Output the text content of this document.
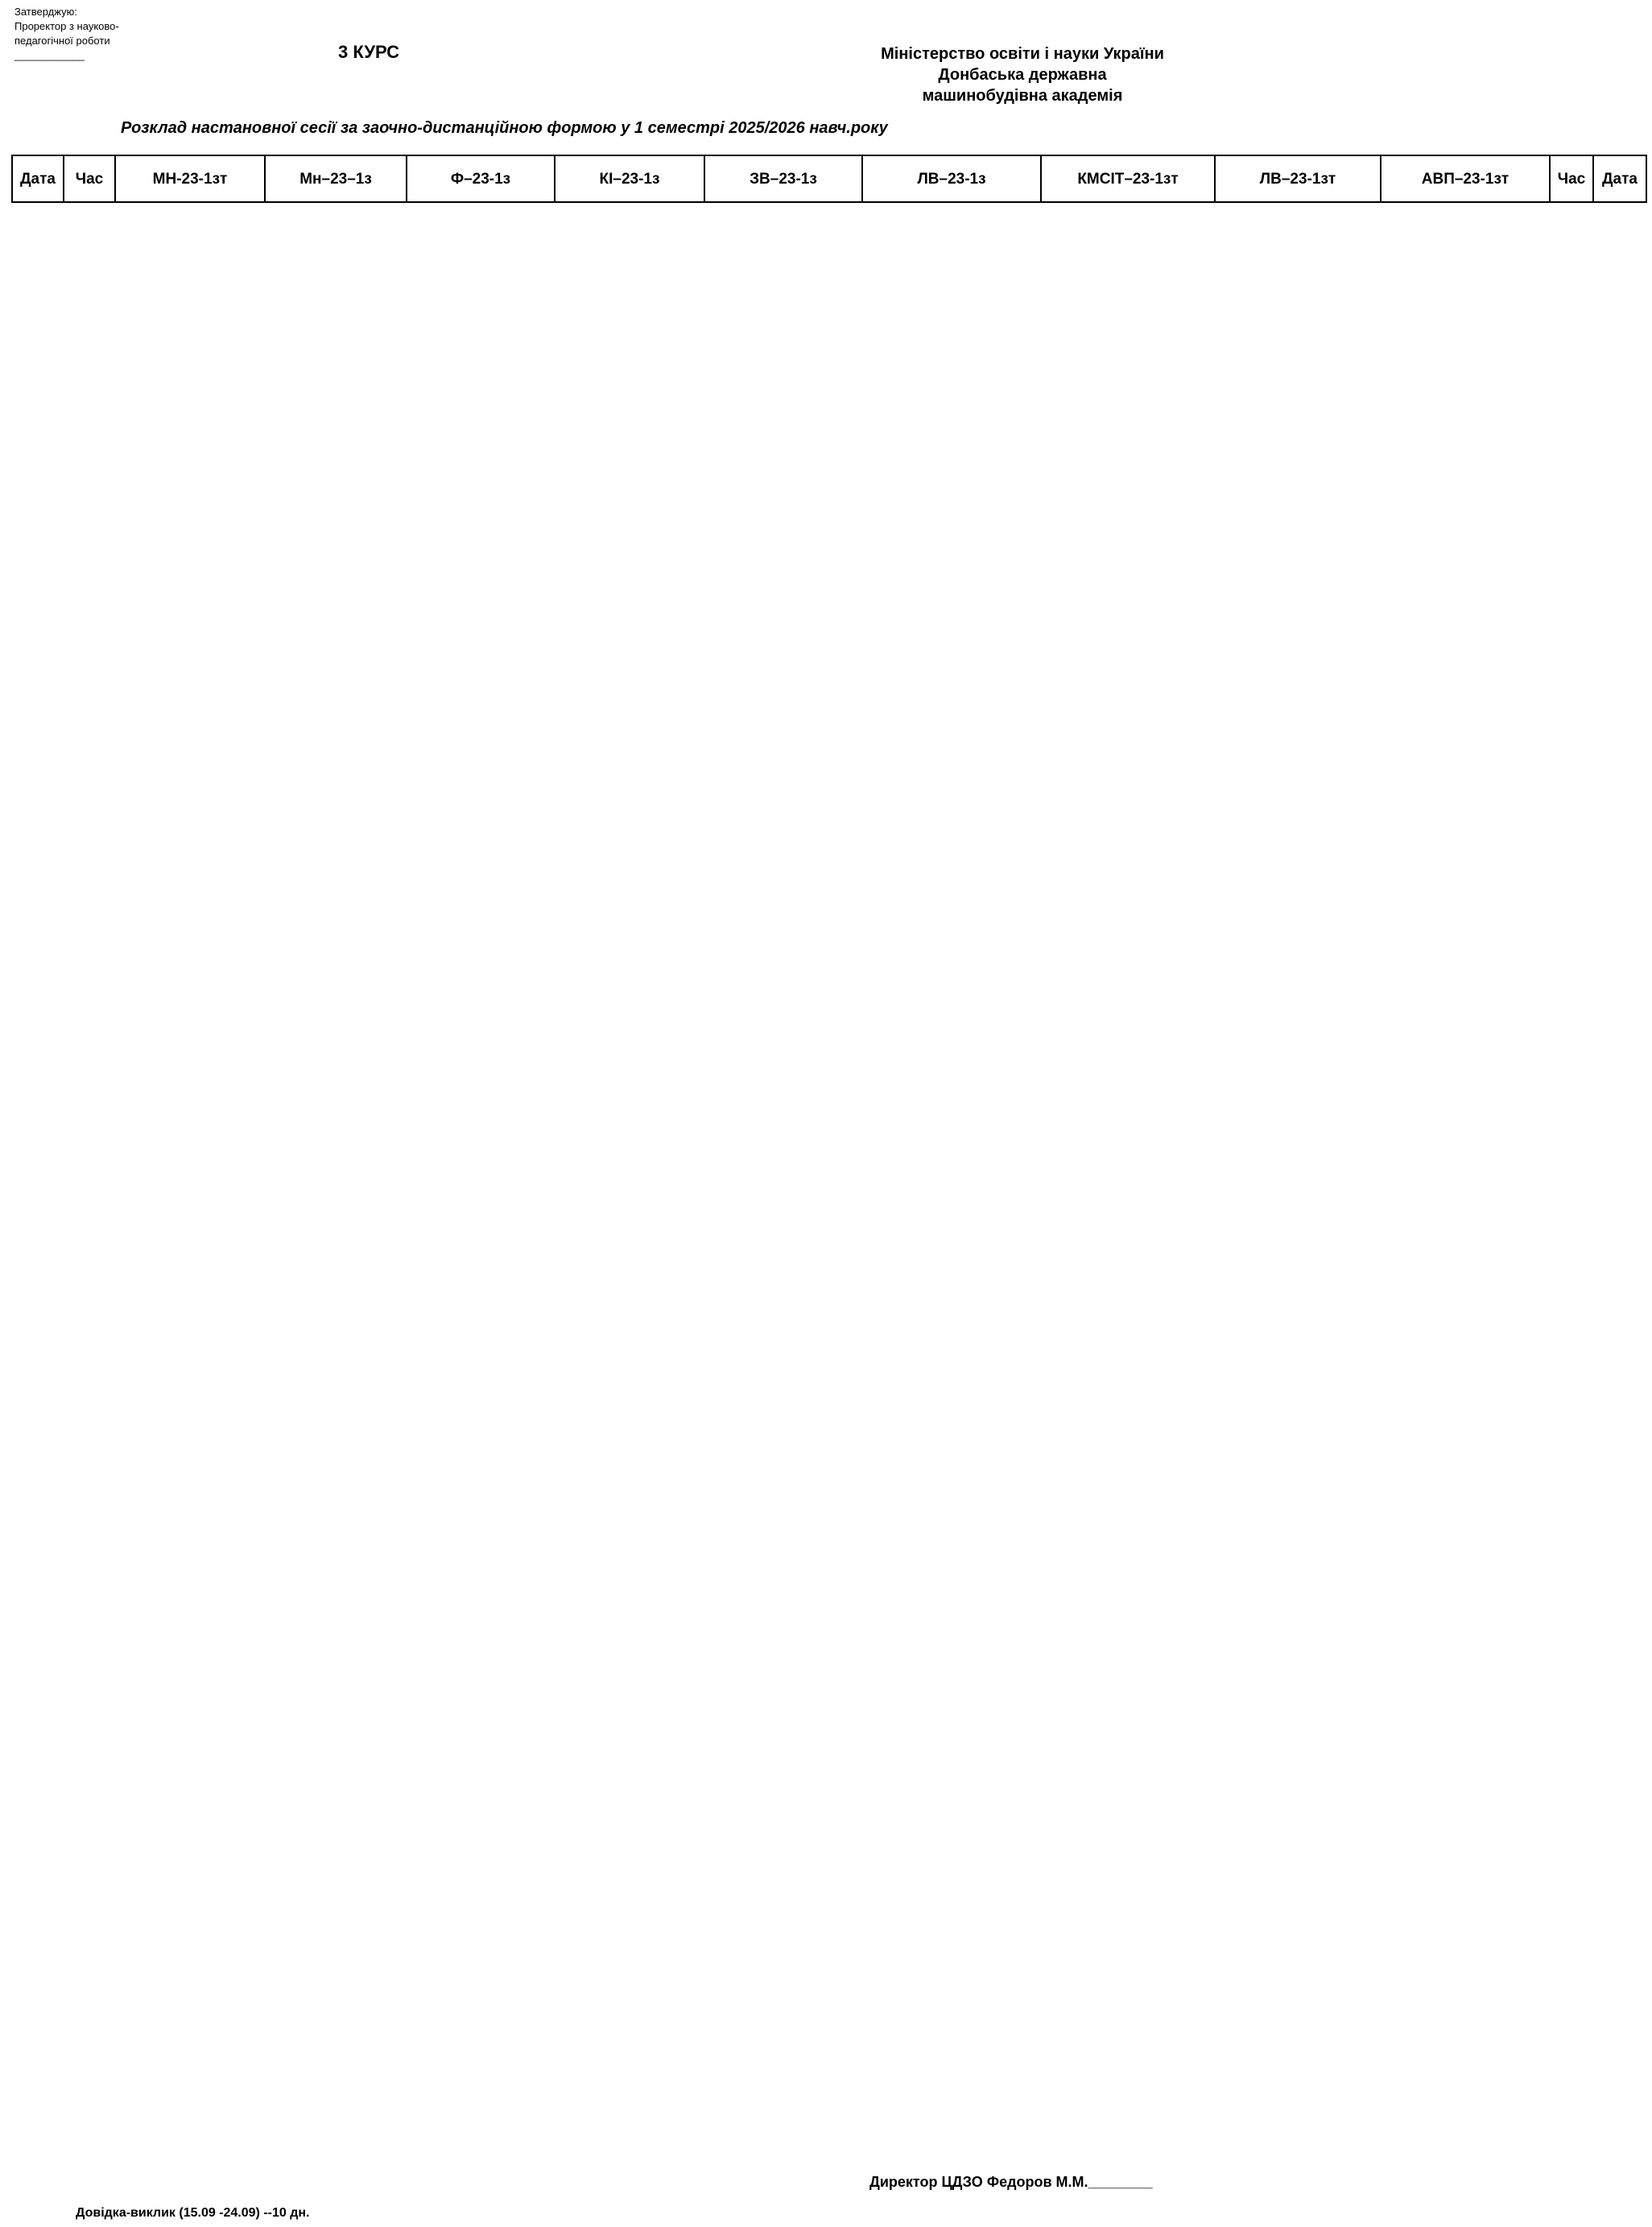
Затверджую:
Проректор з науково-
педагогічної роботи
____________	3 КУРС	Міністерство освіти і науки України
Донбаська державна
машинобудівна академія
Розклад настановної сесії за заочно-дистанційною формою у 1 семестрі 2025/2026 навч.року
Дата	Час	МН-23-1зт	Мн–23–1з	Ф–23-1з	КІ–23-1з	ЗВ–23-1з	ЛВ–23-1з	КМСІТ–23-1зт	ЛВ–23-1зт	АВП–23-1зт	Час	Дата
Директор ЦДЗО Федоров М.М.________
Довідка-виклик (15.09 -24.09) --10 дн.
